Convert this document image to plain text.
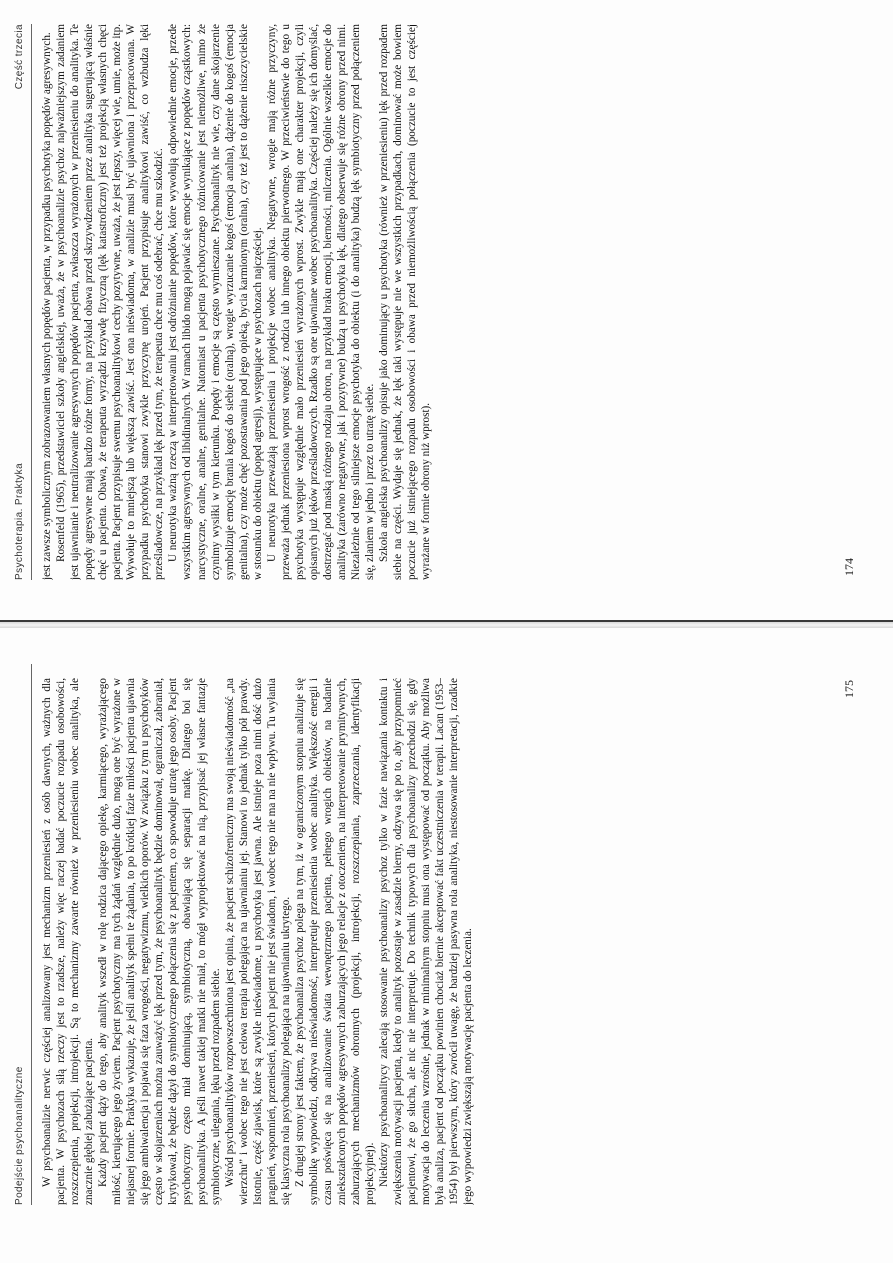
Psychoterapia. Praktyka
Część trzecia jest zawsze symbolicznym zobrazowaniem własnych popędów pacjenta, w przypadku psychotyka popędów agresywnych. Rosenfeld (1965), przedstawiciel szkoły angielskiej, uważa, że w psychoanalizie psychoz najważniejszym zadaniem jest ujawnianie i neutralizowanie agresywnych popędów pacjenta, zwłaszcza wyrażonych w przeniesieniu do analityka. Te popędy agresywne mają bardzo różne formy, na przykład obawa przed skrzywdzeniem przez analityka sugerującą właśnie chęć u pacjenta. Obawa, że terapeuta wyrządzi krzywdę fizyczną (lęk katastroficzny) jest też projekcją własnych chęci pacjenta. Pacjent przypisuje swemu psychoanalitykowi cechy pozytywne, uważa, że jest lepszy, więcej wie, umie, może itp. Wywołuje to mniejszą lub większą zawiść. Jest ona nieświadoma, w analizie musi być ujawniona i przepracowana. W przypadku psychotyka stanowi zwykle przyczynę urojeń. Pacjent przypisuje analitykowi zawiść, co wzbudza lęki prześladowcze, na przykład lęk przed tym, że terapeuta chce mu coś odebrać, chce mu szkodzić. U neurotyka ważną rzeczą w interpretowaniu jest odróżnianie popędów, które wywołują odpowiednie emocje, przede wszystkim agresywnych od libidinalnych. W ramach libido mogą pojawiać się emocje wynikające z popędów cząstkowych: narcystyczne, oralne, analne, genitalne. Natomiast u pacjenta psychotycznego różnicowanie jest niemożliwe, mimo że czynimy wysiłki w tym kierunku. Popędy i emocje są często wymieszane. Psychoanalityk nie wie, czy dane skojarzenie symbolizuje emocję brania kogoś do siebie (oralną), wrogie wyrzucanie kogoś (emocja analna), dążenie do kogoś (emocja genitalna), czy może chęć pozostawania pod jego opieką, bycia karmionym (oralna), czy też jest to dążenie niszczycielskie w stosunku do obiektu (popęd agresji), występujące w psychozach najczęściej. U neurotyka przeważają przeniesienia i projekcje wobec analityka. Negatywne, wrogie mają różne przyczyny, przeważa jednak przeniesiona wprost wrogość z rodzica lub innego obiektu pierwotnego. W przeciwieństwie do tego u psychotyka występuje względnie mało przeniesień wyrażonych wprost. Zwykle mają one charakter projekcji, czyli opisanych już lęków prześladowczych. Rzadko są one ujawniane wobec psychoanalityka. Częściej należy się ich domyślać, dostrzegać pod maską różnego rodzaju obron, na przykład braku emocji, bierności, milczenia. Ogólnie wszelkie emocje do analityka (zarówno negatywne, jak i pozytywne) budzą u psychotyka lęk, dlatego obserwuje się różne obrony przed nimi. Niezależnie od tego silniejsze emocje psychotyka do obiektu (i do analityka) budzą lęk symbiotyczny przed połączeniem się, zlaniem w jedno i przez to utratę siebie. Szkoła angielska psychoanalizy opisuje jako dominujący u psychotyka (również w przeniesieniu) lęk przed rozpadem siebie na części. Wydaje się jednak, że lęk taki występuje nie we wszystkich przypadkach, dominować może bowiem poczucie już istniejącego rozpadu osobowości i obawa przed niemożliwością połączenia (poczucie to jest częściej wyrażane w formie obrony niż wprost).	174
Podejście psychoanalityczne W psychoanalizie nerwic częściej analizowany jest mechanizm przeniesień z osób dawnych, ważnych dla pacjenta. W psychozach siłą rzeczy jest to rzadsze, należy więc raczej badać poczucie rozpadu osobowości, rozszczepienia, projekcji, introjekcji. Są to mechanizmy zawarte również w przeniesieniu wobec analityka, ale znacznie głębiej zabużające pacjenta. Każdy pacjent dąży do tego, aby analityk wszedł w rolę rodzica dającego opiekę, karmiącego, wyrażającego miłość, kierującego jego życiem. Pacjent psychotyczny ma tych żądań względnie dużo, mogą one być wyrażone w niejasnej formie. Praktyka wykazuje, że jeśli analityk spełni te żądania, to po krótkiej fazie miłości pacjenta ujawnia się jego ambiwalencja i pojawia się faza wrogości, negatywizmu, wielkich oporów. W związku z tym u psychotyków często w skojarzeniach można zauważyć lęk przed tym, że psychoanalityk będzie dominował, ograniczał, zabraniał, krytykował, że będzie dążył do symbiotycznego połączenia się z pacjentem, co spowoduje utratę jego osoby. Pacjent psychotyczny często miał dominującą, symbiotyczną, obawiającą się separacji matkę. Dlatego boi się psychoanalityka. A jeśli nawet takiej matki nie miał, to mógł wyprojektować na nią, przypisać jej własne fantazje symbiotyczne, ulegania, lęku przed rozpadem siebie. Wśród psychoanalityków rozpowszechniona jest opinia, że pacjent schizofreniczny ma swoją nieświadomość „na wierzchu” i wobec tego nie jest celowa terapia polegająca na ujawnianiu jej. Stanowi to jednak tylko pół prawdy. Istotnie, część zjawisk, które są zwykle nieświadome, u psychotyka jest jawna. Ale istnieje poza nimi dość dużo pragnień, wspomnień, przeniesień, których pacjent nie jest świadom, i wobec tego nie ma na nie wpływu. Tu wyłania się klasyczna rola psychoanalizy polegająca na ujawnianiu ukrytego. Z drugiej strony jest faktem, że psychoanaliza psychoz polega na tym, iż w ograniczonym stopniu analizuje się symbolikę wypowiedzi, odkrywa nieświadomość, interpretuje przeniesienia wobec analityka. Większość energii i czasu poświęca się na analizowanie świata wewnętrznego pacjenta, pełnego wrogich obiektów, na badanie zniekształconych popędów agresywnych zaburzających jego relacje z otoczeniem, na interpretowanie prymitywnych, zaburzających mechanizmów obronnych (projekcji, introjekcji, rozszczepiania, zaprzeczania, identyfikacji projekcyjnej). Niektórzy psychoanalitycy zalecają stosowanie psychoanalizy psychoz tylko w fazie nawiązania kontaktu i zwiększenia motywacji pacjenta, kiedy to analityk pozostaje w zasadzie bierny, odzywa się po to, aby przypomnieć pacjentowi, że go słucha, ale nic nie interpretuje. Do technik typowych dla psychoanalizy przechodzi się, gdy motywacja do leczenia wzrośnie, jednak w minimalnym stopniu musi ona występować od początku. Aby możliwa była analiza, pacjent od początku powinien chociaż biernie akceptować fakt uczestniczenia w terapii. Lacan (1953–1954) był pierwszym, który zwrócił uwagę, że bardziej pasywna rola analityka, niestosowanie interpretacji, rzadkie jego wypowiedzi zwiększają motywację pacjenta do leczenia.

175
